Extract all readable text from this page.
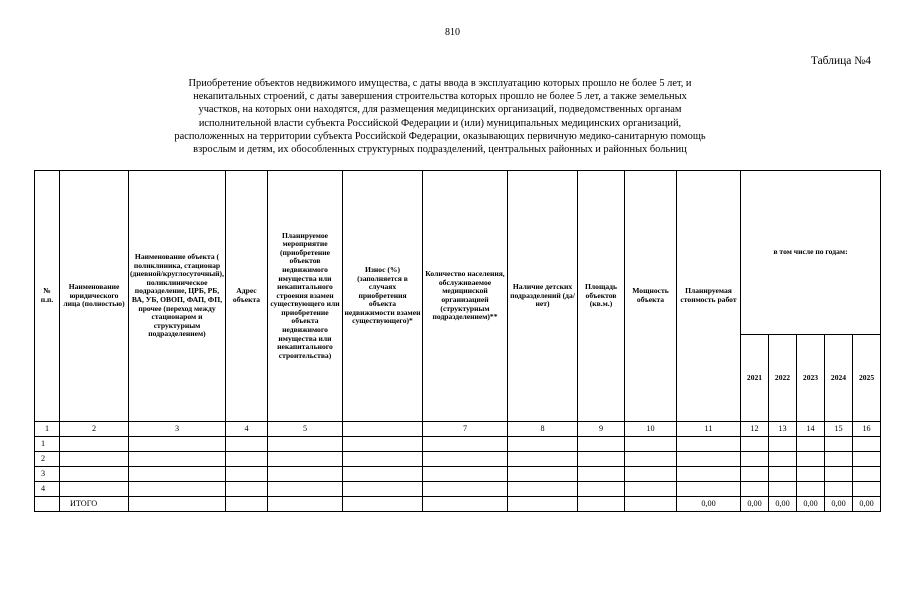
810
Таблица №4
Приобретение объектов недвижимого имущества, с даты ввода в эксплуатацию которых прошло не более 5 лет, и
некапитальных строений, с даты завершения строительства которых прошло не более 5 лет, а также земельных
участков, на которых они находятся, для размещения медицинских организаций, подведомственных органам
исполнительной власти субъекта Российской Федерации и (или) муниципальных медицинских организаций,
расположенных на территории субъекта Российской Федерации, оказывающих первичную медико-санитарную помощь
взрослым и детям, их обособленных структурных подразделений, центральных районных и районных больниц
№ п.п.	Наименование юридического лица (полностью)	Наименование объекта ( поликлиника, стационар (дневной/круглосуточный), поликлиническое подразделение, ЦРБ, РБ, ВА, УБ, ОВОП, ФАП, ФП, прочее (переход между стационаром и структурным подразделением)	Адрес объекта	Планируемое мероприятие (приобретение объектов недвижимого имущества или некапитального строения взамен существующего или приобретение объекта недвижимого имущества или некапитального строительства)	Износ (%) (заполняется в случаях приобретения объекта недвижимости взамен существующего)*	Количество населения, обслуживаемое медицинской организацией (структурным подразделением)**	Наличие детских подразделений (да/нет)	Площадь объектов (кв.м.)	Мощность объекта	Планируемая стоимость работ	в том числе по годам:				
											2021	2022	2023	2024	2025
1	2	3	4	5		7	8	9	10	11	12	13	14	15	16
1															
2															
3															
4															
	ИТОГО									0,00	0,00	0,00	0,00	0,00	0,00
